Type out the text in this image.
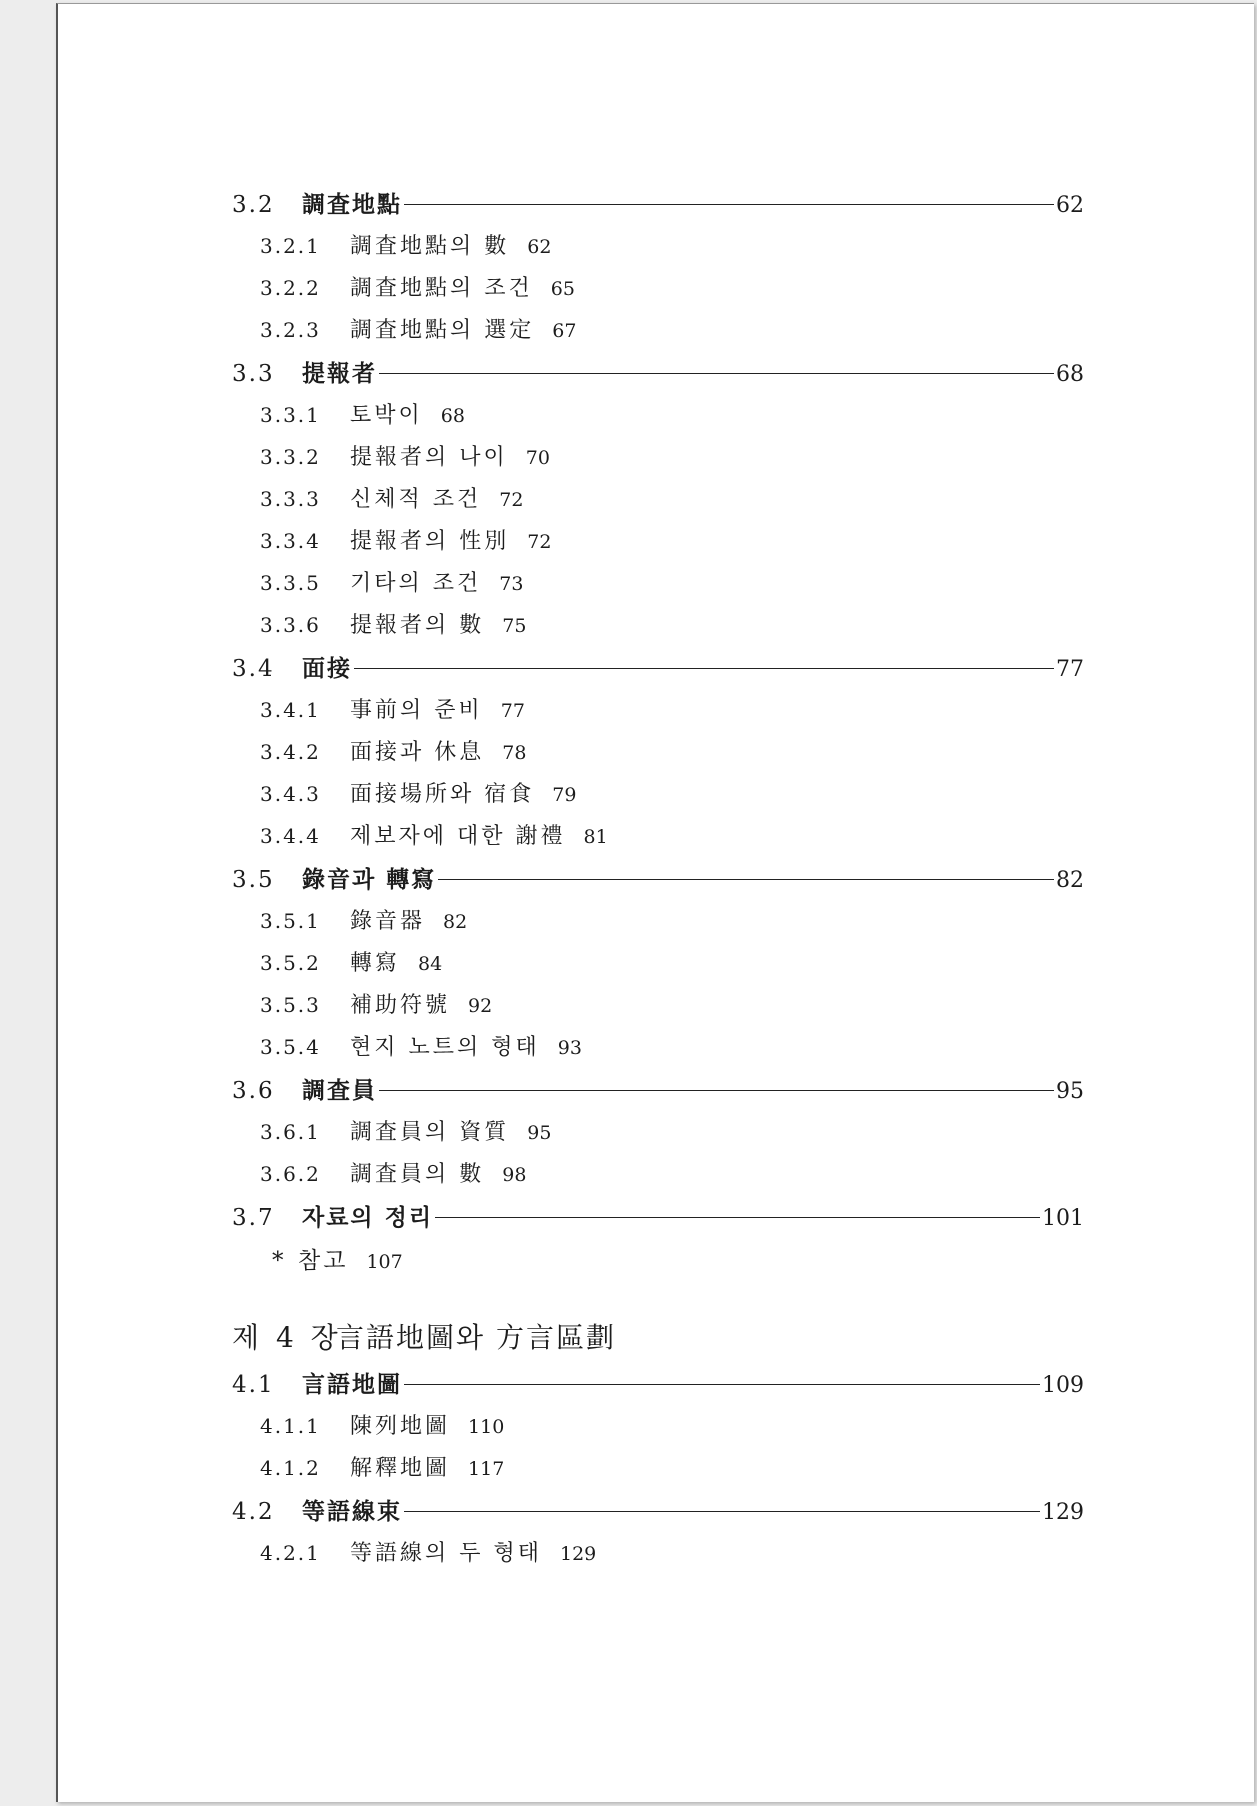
3.2	調査地點	62
3.2.1	調査地點의 數 62
3.2.2	調査地點의 조건 65
3.2.3	調査地點의 選定 67
3.3	提報者	68
3.3.1	토박이 68
3.3.2	提報者의 나이 70
3.3.3	신체적 조건 72
3.3.4	提報者의 性別 72
3.3.5	기타의 조건 73
3.3.6	提報者의 數 75
3.4	面接	77
3.4.1	事前의 준비 77
3.4.2	面接과 休息 78
3.4.3	面接場所와 宿食 79
3.4.4	제보자에 대한 謝禮 81
3.5	錄音과 轉寫	82
3.5.1	錄音器 82
3.5.2	轉寫 84
3.5.3	補助符號 92
3.5.4	현지 노트의 형태 93
3.6	調査員	95
3.6.1	調査員의 資質 95
3.6.2	調査員의 數 98
3.7	자료의 정리	101
* 참고 107
제 4 장
言語地圖와 方言區劃
4.1	言語地圖	109
4.1.1	陳列地圖 110
4.1.2	解釋地圖 117
4.2	等語線束	129
4.2.1	等語線의 두 형태 129
